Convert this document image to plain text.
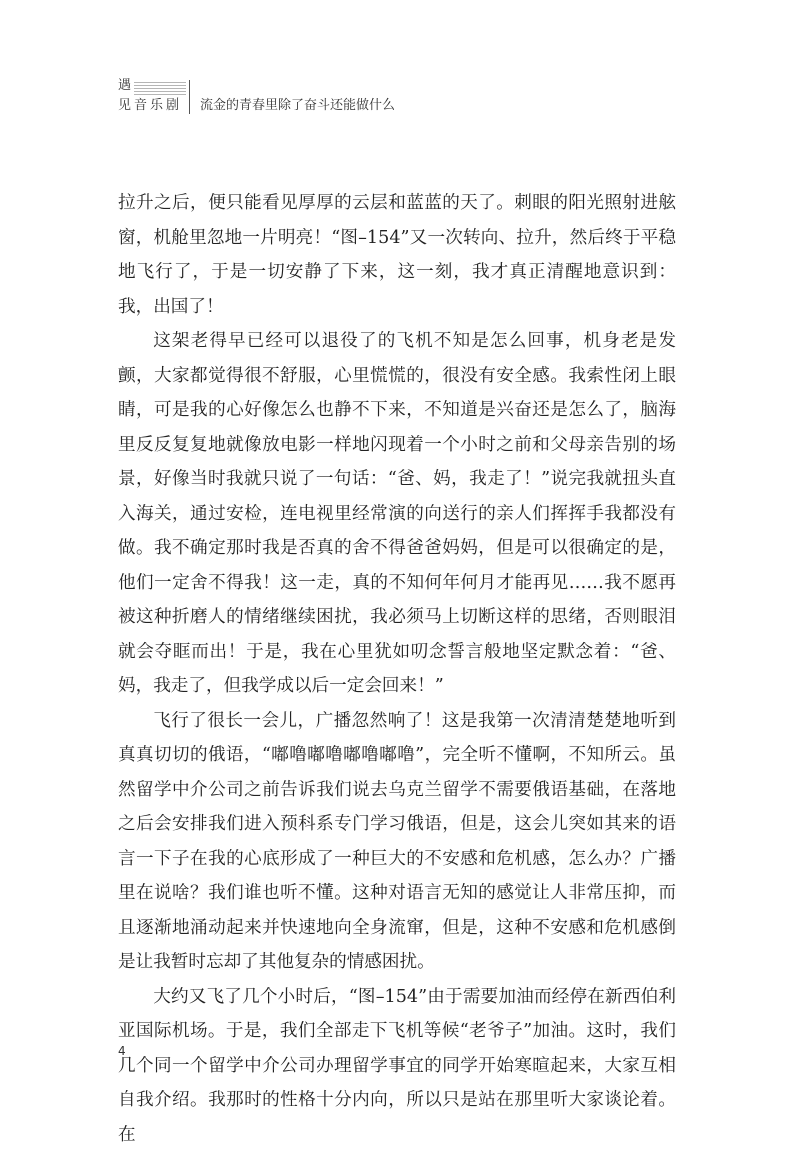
遇
见音乐剧 流金的青春里除了奋斗还能做什么

拉升之后，便只能看见厚厚的云层和蓝蓝的天了。刺眼的阳光照射进舷窗，机舱里忽地一片明亮！“图–154”又一次转向、拉升，然后终于平稳地飞行了，于是一切安静了下来，这一刻，我才真正清醒地意识到：我，出国了！

这架老得早已经可以退役了的飞机不知是怎么回事，机身老是发颤，大家都觉得很不舒服，心里慌慌的，很没有安全感。我索性闭上眼睛，可是我的心好像怎么也静不下来，不知道是兴奋还是怎么了，脑海里反反复复地就像放电影一样地闪现着一个小时之前和父母亲告别的场景，好像当时我就只说了一句话：“爸、妈，我走了！”说完我就扭头直入海关，通过安检，连电视里经常演的向送行的亲人们挥挥手我都没有做。我不确定那时我是否真的舍不得爸爸妈妈，但是可以很确定的是，他们一定舍不得我！这一走，真的不知何年何月才能再见……我不愿再被这种折磨人的情绪继续困扰，我必须马上切断这样的思绪，否则眼泪就会夺眶而出！于是，我在心里犹如叨念誓言般地坚定默念着：“爸、妈，我走了，但我学成以后一定会回来！”

飞行了很长一会儿，广播忽然响了！这是我第一次清清楚楚地听到真真切切的俄语，“嘟噜嘟噜嘟噜嘟噜”，完全听不懂啊，不知所云。虽然留学中介公司之前告诉我们说去乌克兰留学不需要俄语基础，在落地之后会安排我们进入预科系专门学习俄语，但是，这会儿突如其来的语言一下子在我的心底形成了一种巨大的不安感和危机感，怎么办？广播里在说啥？我们谁也听不懂。这种对语言无知的感觉让人非常压抑，而且逐渐地涌动起来并快速地向全身流窜，但是，这种不安感和危机感倒是让我暂时忘却了其他复杂的情感困扰。

大约又飞了几个小时后，“图–154”由于需要加油而经停在新西伯利亚国际机场。于是，我们全部走下飞机等候“老爷子”加油。这时，我们几个同一个留学中介公司办理留学事宜的同学开始寒暄起来，大家互相自我介绍。我那时的性格十分内向，所以只是站在那里听大家谈论着。在

4
